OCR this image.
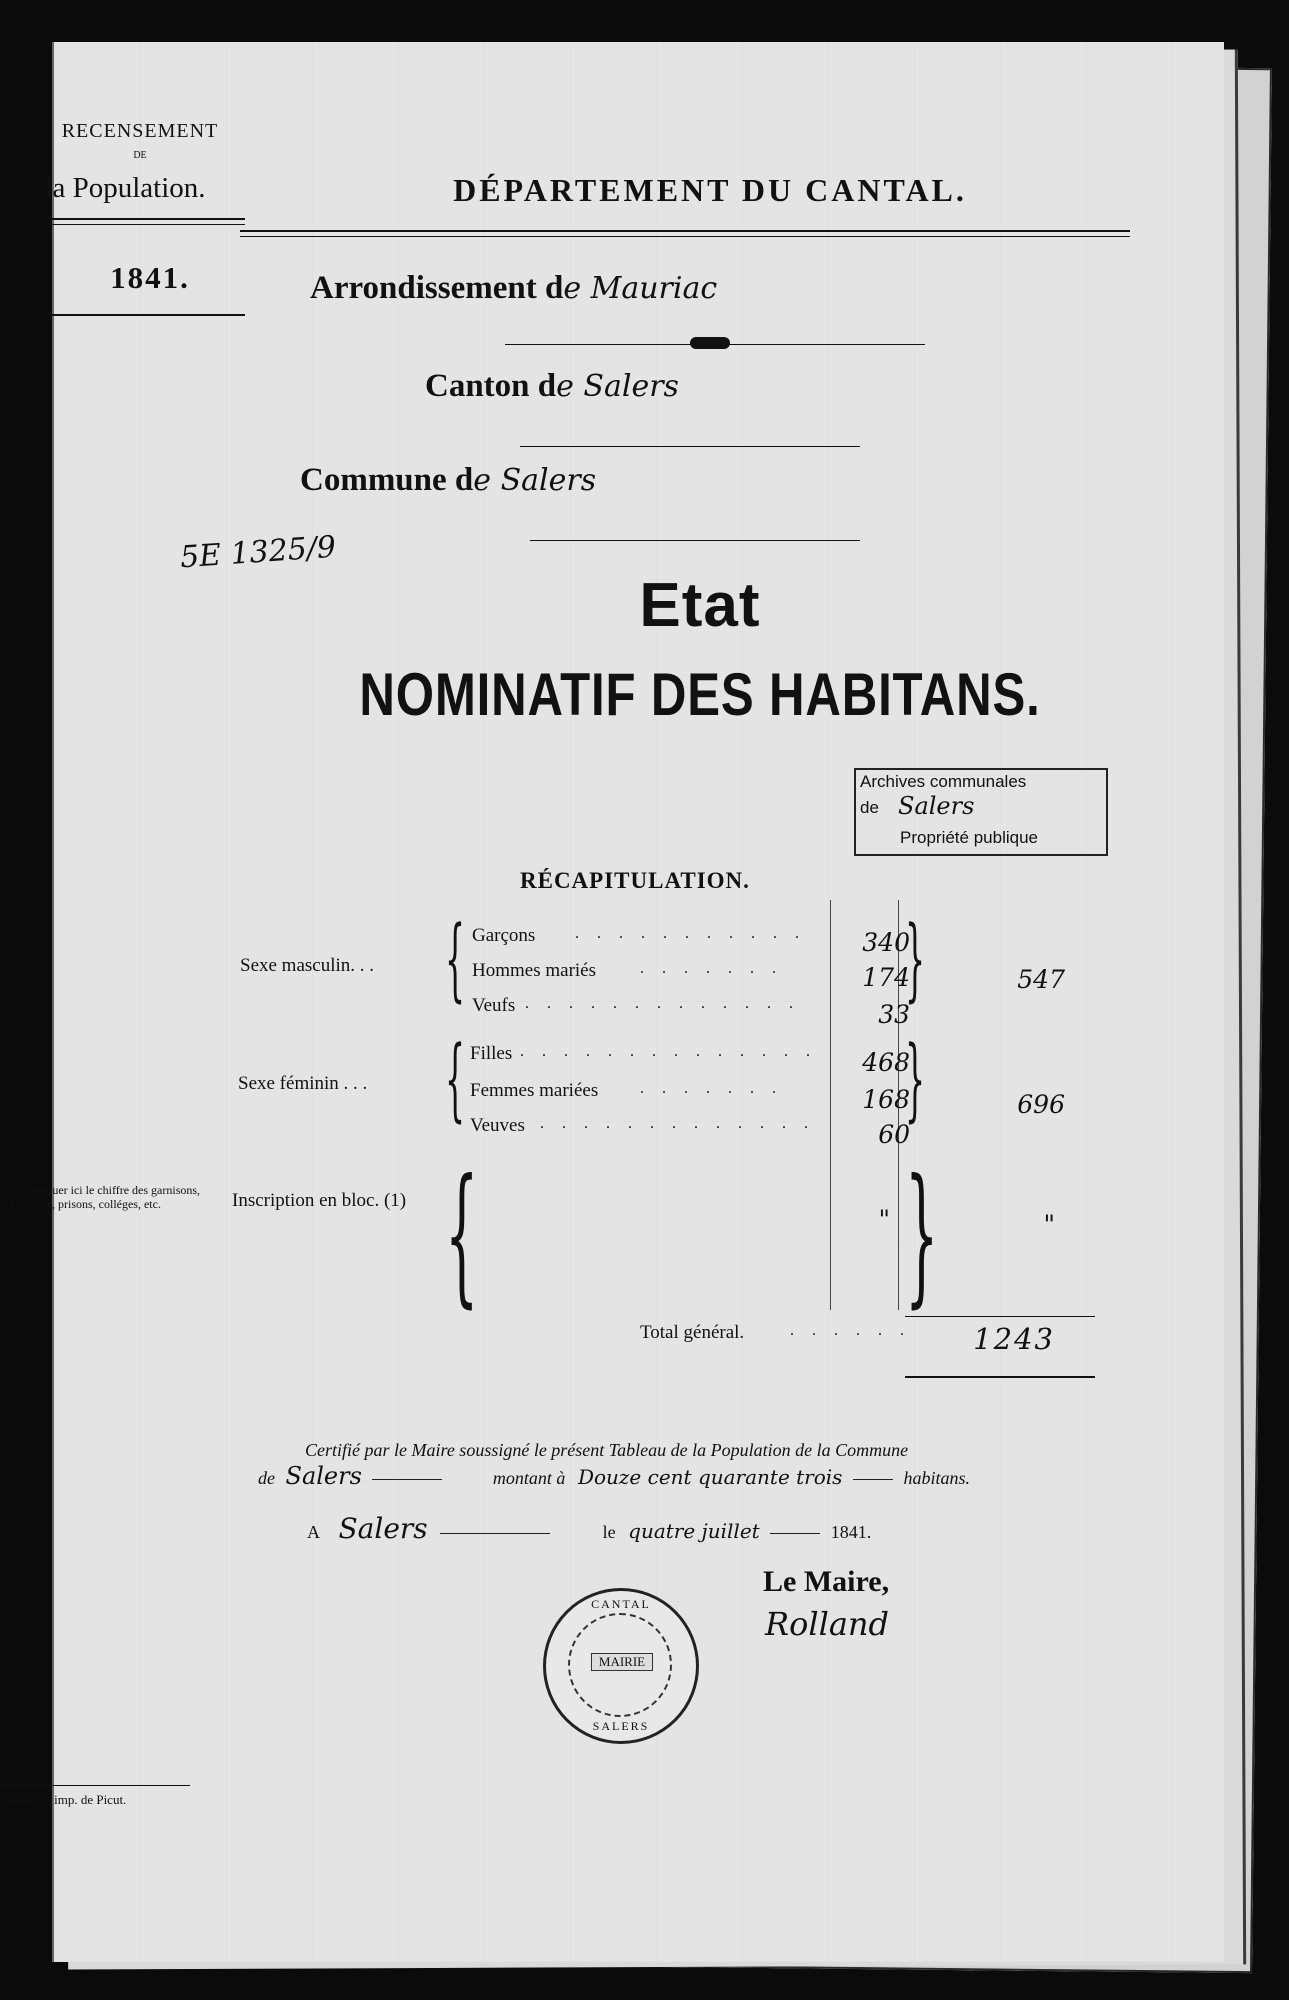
RECENSEMENT
DE
la Population.
1841.
DÉPARTEMENT DU CANTAL.
Arrondissement de Mauriac
Canton de Salers
Commune de Salers
5E 1325/9
Etat
NOMINATIF DES HABITANS.
Archives communales
de Salers
Propriété publique
RÉCAPITULATION.
Sexe masculin. . . { Garçons . . . . . . . . . . .	340
Hommes mariés	. . . . . . .	174
Veufs . . . . . . . . . . . . .	33
}	547
Sexe féminin . . . { Filles . . . . . . . . . . . . . .	468
Femmes mariées	. . . . . . .	168
Veuves . . . . . . . . . . . . .	60
}	696
(1) Indiquer ici le chiffre des garnisons, hôpitaux, prisons, colléges, etc.	Inscription en bloc. (1) {	" }	"
Total général.	. . . . . .	1243
Certifié par le Maire soussigné le présent Tableau de la Population de la Commune
de Salers	montant à Douze cent quarante trois	habitans.
A Salers	le quatre juillet	1841.
Le Maire,
Rolland
CANTAL
MAIRIE
SALERS
Aurillac, imp. de Picut.
